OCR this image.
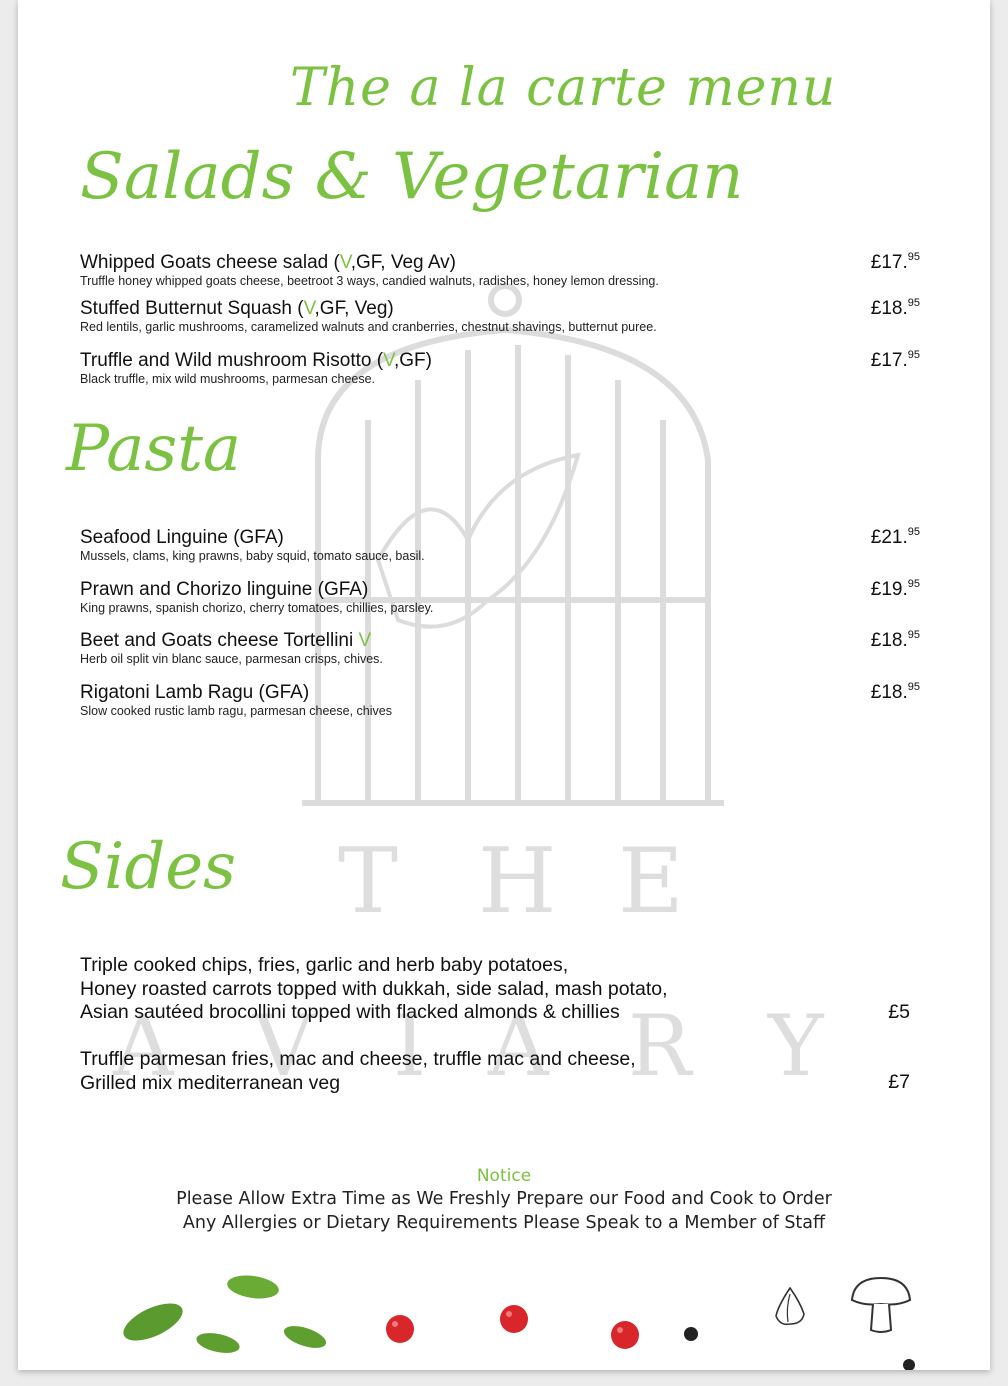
T H E
A V I A R Y
The a la carte menu
Salads & Vegetarian
Whipped Goats cheese salad (V,GF, Veg Av)
Truffle honey whipped goats cheese, beetroot 3 ways, candied walnuts, radishes, honey lemon dressing.
£17.95
Stuffed Butternut Squash (V,GF, Veg)
Red lentils, garlic mushrooms, caramelized walnuts and cranberries, chestnut shavings, butternut puree.
£18.95
Truffle and Wild mushroom Risotto (V,GF)
Black truffle, mix wild mushrooms, parmesan cheese.
£17.95
Pasta
Seafood Linguine (GFA)
Mussels, clams, king prawns, baby squid, tomato sauce, basil.
£21.95
Prawn and Chorizo linguine (GFA)
King prawns, spanish chorizo, cherry tomatoes, chillies, parsley.
£19.95
Beet and Goats cheese Tortellini V
Herb oil split vin blanc sauce, parmesan crisps, chives.
£18.95
Rigatoni Lamb Ragu (GFA)
Slow cooked rustic lamb ragu, parmesan cheese, chives
£18.95
Sides
Triple cooked chips, fries, garlic and herb baby potatoes,
Honey roasted carrots topped with dukkah, side salad, mash potato,
Asian sautéed brocollini topped with flacked almonds & chillies	£5
Truffle parmesan fries, mac and cheese, truffle mac and cheese,
Grilled mix mediterranean veg	£7
Notice
Please Allow Extra Time as We Freshly Prepare our Food and Cook to Order
Any Allergies or Dietary Requirements Please Speak to a Member of Staff
